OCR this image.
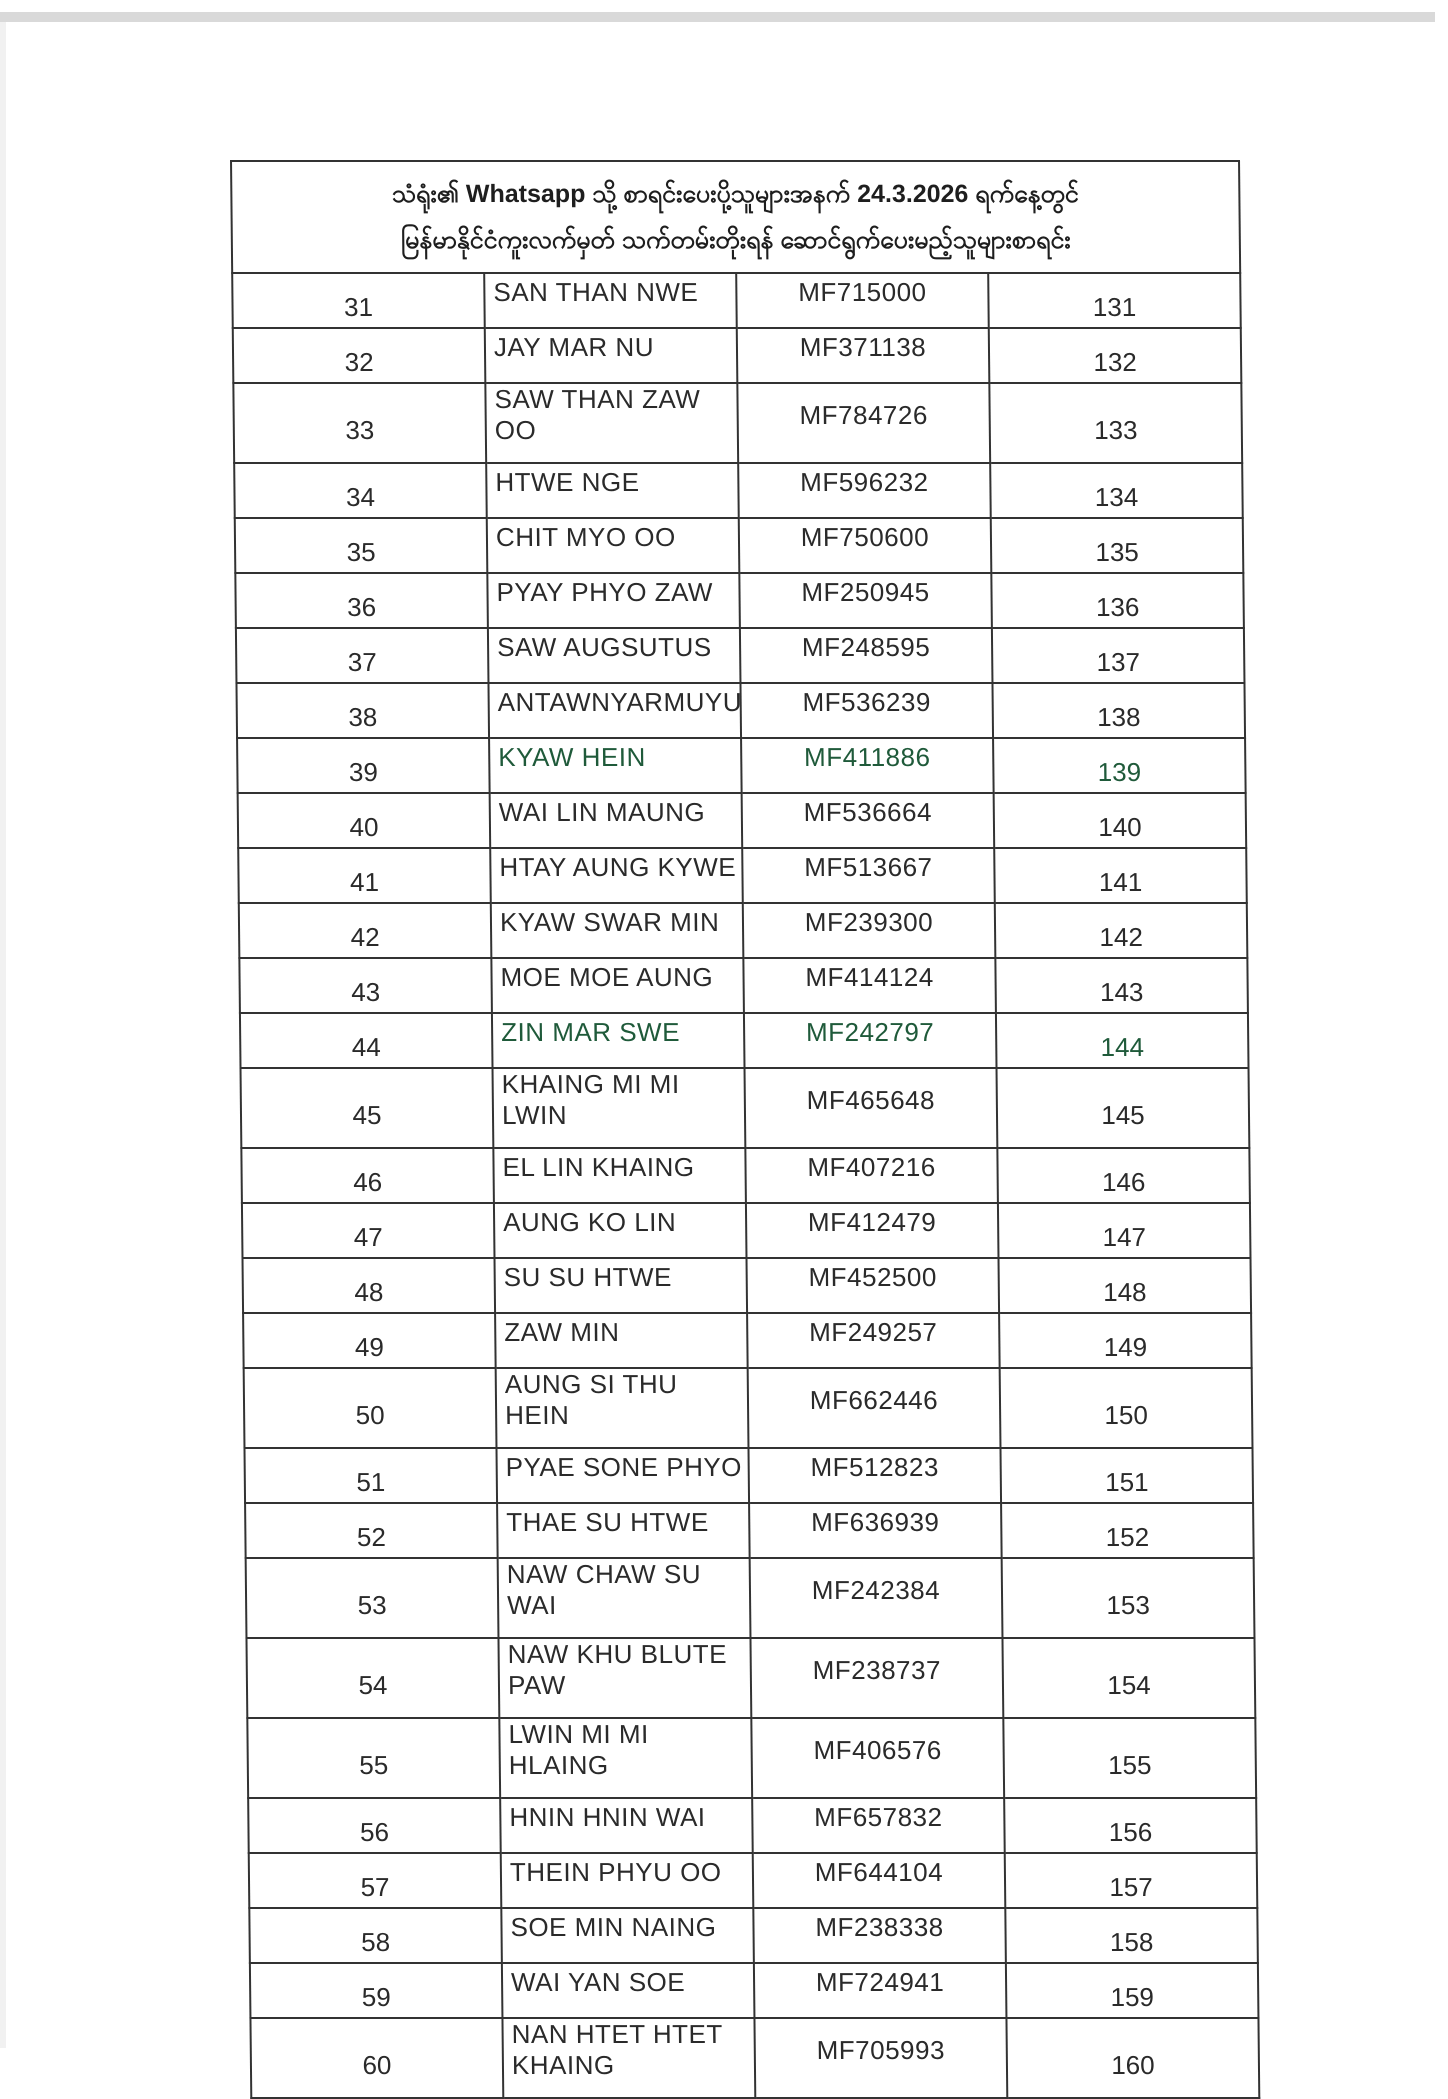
သံရုံး၏ Whatsapp သို့ စာရင်းပေးပို့သူများအနက် 24.3.2026 ရက်နေ့တွင်
မြန်မာနိုင်ငံကူးလက်မှတ် သက်တမ်းတိုးရန် ဆောင်ရွက်ပေးမည့်သူများစာရင်း			

31	SAN THAN NWE	MF715000	131
32	JAY MAR NU	MF371138	132
33	SAW THAN ZAW OO	MF784726	133
34	HTWE NGE	MF596232	134
35	CHIT MYO OO	MF750600	135
36	PYAY PHYO ZAW	MF250945	136
37	SAW AUGSUTUS	MF248595	137
38	ANTAWNYARMUYU	MF536239	138
39	KYAW HEIN	MF411886	139
40	WAI LIN MAUNG	MF536664	140
41	HTAY AUNG KYWE	MF513667	141
42	KYAW SWAR MIN	MF239300	142
43	MOE MOE AUNG	MF414124	143
44	ZIN MAR SWE	MF242797	144
45	KHAING MI MI LWIN	MF465648	145
46	EL LIN KHAING	MF407216	146
47	AUNG KO LIN	MF412479	147
48	SU SU HTWE	MF452500	148
49	ZAW MIN	MF249257	149
50	AUNG SI THU HEIN	MF662446	150
51	PYAE SONE PHYO	MF512823	151
52	THAE SU HTWE	MF636939	152
53	NAW CHAW SU WAI	MF242384	153
54	NAW KHU BLUTE PAW	MF238737	154
55	LWIN MI MI HLAING	MF406576	155
56	HNIN HNIN WAI	MF657832	156
57	THEIN PHYU OO	MF644104	157
58	SOE MIN NAING	MF238338	158
59	WAI YAN SOE	MF724941	159
60	NAN HTET HTET KHAING	MF705993	160
